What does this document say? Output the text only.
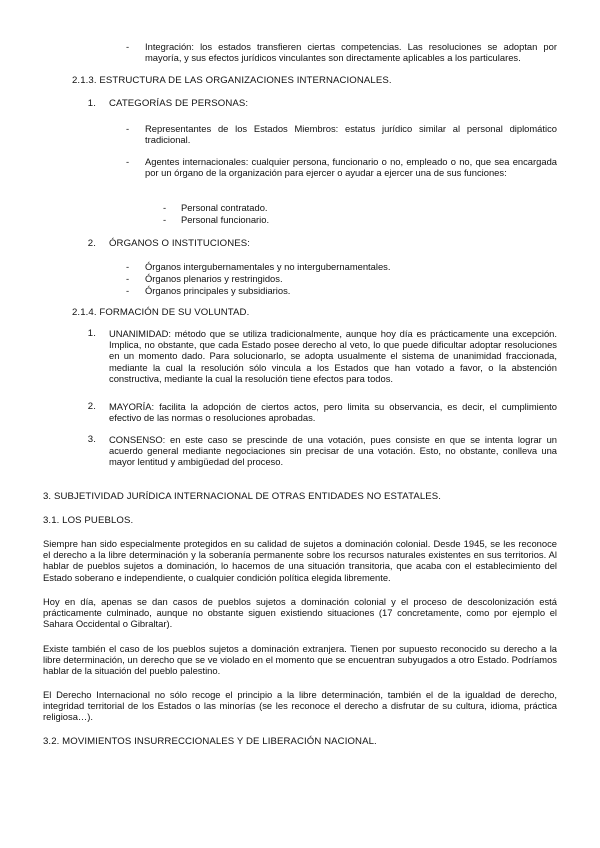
-	Integración: los estados transfieren ciertas competencias. Las resoluciones se adoptan por mayoría, y sus efectos jurídicos vinculantes son directamente aplicables a los particulares.
2.1.3. ESTRUCTURA DE LAS ORGANIZACIONES INTERNACIONALES.
1. CATEGORÍAS DE PERSONAS:
-	Representantes de los Estados Miembros: estatus jurídico similar al personal diplomático tradicional.
-	Agentes internacionales: cualquier persona, funcionario o no, empleado o no, que sea encargada por un órgano de la organización para ejercer o ayudar a ejercer una de sus funciones:
-	Personal contratado.
-	Personal funcionario.
2. ÓRGANOS O INSTITUCIONES:
-	Órganos intergubernamentales y no intergubernamentales.
-	Órganos plenarios y restringidos.
-	Órganos principales y subsidiarios.
2.1.4. FORMACIÓN DE SU VOLUNTAD.
1. UNANIMIDAD: método que se utiliza tradicionalmente, aunque hoy día es prácticamente una excepción. Implica, no obstante, que cada Estado posee derecho al veto, lo que puede dificultar adoptar resoluciones en un momento dado. Para solucionarlo, se adopta usualmente el sistema de unanimidad fraccionada, mediante la cual la resolución sólo vincula a los Estados que han votado a favor, o la abstención constructiva, mediante la cual la resolución tiene efectos para todos.
2. MAYORÍA: facilita la adopción de ciertos actos, pero limita su observancia, es decir, el cumplimiento efectivo de las normas o resoluciones aprobadas.
3. CONSENSO: en este caso se prescinde de una votación, pues consiste en que se intenta lograr un acuerdo general mediante negociaciones sin precisar de una votación. Esto, no obstante, conlleva una mayor lentitud y ambigüedad del proceso.
3. SUBJETIVIDAD JURÍDICA INTERNACIONAL DE OTRAS ENTIDADES NO ESTATALES.
3.1. LOS PUEBLOS.
Siempre han sido especialmente protegidos en su calidad de sujetos a dominación colonial. Desde 1945, se les reconoce el derecho a la libre determinación y la soberanía permanente sobre los recursos naturales existentes en sus territorios. Al hablar de pueblos sujetos a dominación, lo hacemos de una situación transitoria, que acaba con el establecimiento del Estado soberano e independiente, o cualquier condición política elegida libremente.
Hoy en día, apenas se dan casos de pueblos sujetos a dominación colonial y el proceso de descolonización está prácticamente culminado, aunque no obstante siguen existiendo situaciones (17 concretamente, como por ejemplo el Sahara Occidental o Gibraltar).
Existe también el caso de los pueblos sujetos a dominación extranjera. Tienen por supuesto reconocido su derecho a la libre determinación, un derecho que se ve violado en el momento que se encuentran subyugados a otro Estado. Podríamos hablar de la situación del pueblo palestino.
El Derecho Internacional no sólo recoge el principio a la libre determinación, también el de la igualdad de derecho, integridad territorial de los Estados o las minorías (se les reconoce el derecho a disfrutar de su cultura, idioma, práctica religiosa…).
3.2. MOVIMIENTOS INSURRECCIONALES Y DE LIBERACIÓN NACIONAL.
